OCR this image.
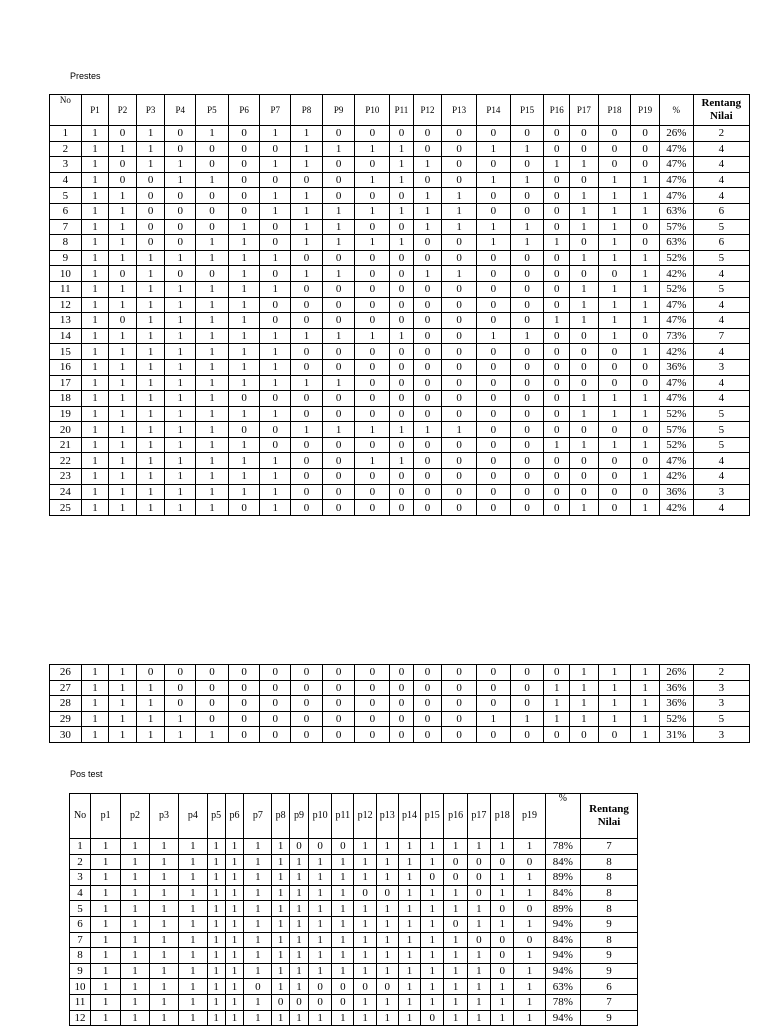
Prestes
No	P1	P2	P3	P4	P5	P6	P7	P8	P9	P10	P11	P12	P13	P14	P15	P16	P17	P18	P19	%	Rentang Nilai
1	1	0	1	0	1	0	1	1	0	0	0	0	0	0	0	0	0	0	0	26%	2
2	1	1	1	0	0	0	0	1	1	1	1	0	0	1	1	0	0	0	0	47%	4
3	1	0	1	1	0	0	1	1	0	0	1	1	0	0	0	1	1	0	0	47%	4
4	1	0	0	1	1	0	0	0	0	1	1	0	0	1	1	0	0	1	1	47%	4
5	1	1	0	0	0	0	1	1	0	0	0	1	1	0	0	0	1	1	1	47%	4
6	1	1	0	0	0	0	1	1	1	1	1	1	1	0	0	0	1	1	1	63%	6
7	1	1	0	0	0	1	0	1	1	0	0	1	1	1	1	0	1	1	0	57%	5
8	1	1	0	0	1	1	0	1	1	1	1	0	0	1	1	1	0	1	0	63%	6
9	1	1	1	1	1	1	1	0	0	0	0	0	0	0	0	0	1	1	1	52%	5
10	1	0	1	0	0	1	0	1	1	0	0	1	1	0	0	0	0	0	1	42%	4
11	1	1	1	1	1	1	1	0	0	0	0	0	0	0	0	0	1	1	1	52%	5
12	1	1	1	1	1	1	0	0	0	0	0	0	0	0	0	0	1	1	1	47%	4
13	1	0	1	1	1	1	0	0	0	0	0	0	0	0	0	1	1	1	1	47%	4
14	1	1	1	1	1	1	1	1	1	1	1	0	0	1	1	0	0	1	0	73%	7
15	1	1	1	1	1	1	1	0	0	0	0	0	0	0	0	0	0	0	1	42%	4
16	1	1	1	1	1	1	1	0	0	0	0	0	0	0	0	0	0	0	0	36%	3
17	1	1	1	1	1	1	1	1	1	0	0	0	0	0	0	0	0	0	0	47%	4
18	1	1	1	1	1	0	0	0	0	0	0	0	0	0	0	0	1	1	1	47%	4
19	1	1	1	1	1	1	1	0	0	0	0	0	0	0	0	0	1	1	1	52%	5
20	1	1	1	1	1	0	0	1	1	1	1	1	1	0	0	0	0	0	0	57%	5
21	1	1	1	1	1	1	0	0	0	0	0	0	0	0	0	1	1	1	1	52%	5
22	1	1	1	1	1	1	1	0	0	1	1	0	0	0	0	0	0	0	0	47%	4
23	1	1	1	1	1	1	1	0	0	0	0	0	0	0	0	0	0	0	1	42%	4
24	1	1	1	1	1	1	1	0	0	0	0	0	0	0	0	0	0	0	0	36%	3
25	1	1	1	1	1	0	1	0	0	0	0	0	0	0	0	0	1	0	1	42%	4
26	1	1	0	0	0	0	0	0	0	0	0	0	0	0	0	0	1	1	1	26%	2
27	1	1	1	0	0	0	0	0	0	0	0	0	0	0	0	1	1	1	1	36%	3
28	1	1	1	0	0	0	0	0	0	0	0	0	0	0	0	1	1	1	1	36%	3
29	1	1	1	1	0	0	0	0	0	0	0	0	0	1	1	1	1	1	1	52%	5
30	1	1	1	1	1	0	0	0	0	0	0	0	0	0	0	0	0	0	1	31%	3
Pos test
No	p1	p2	p3	p4	p5	p6	p7	p8	p9	p10	p11	p12	p13	p14	p15	p16	p17	p18	p19	%	Rentang Nilai
1	1	1	1	1	1	1	1	1	0	0	0	1	1	1	1	1	1	1	1	78%	7
2	1	1	1	1	1	1	1	1	1	1	1	1	1	1	1	0	0	0	0	84%	8
3	1	1	1	1	1	1	1	1	1	1	1	1	1	1	0	0	0	1	1	89%	8
4	1	1	1	1	1	1	1	1	1	1	1	0	0	1	1	1	0	1	1	84%	8
5	1	1	1	1	1	1	1	1	1	1	1	1	1	1	1	1	1	0	0	89%	8
6	1	1	1	1	1	1	1	1	1	1	1	1	1	1	1	0	1	1	1	94%	9
7	1	1	1	1	1	1	1	1	1	1	1	1	1	1	1	1	0	0	0	84%	8
8	1	1	1	1	1	1	1	1	1	1	1	1	1	1	1	1	1	0	1	94%	9
9	1	1	1	1	1	1	1	1	1	1	1	1	1	1	1	1	1	0	1	94%	9
10	1	1	1	1	1	1	0	1	1	0	0	0	0	1	1	1	1	1	1	63%	6
11	1	1	1	1	1	1	1	0	0	0	0	1	1	1	1	1	1	1	1	78%	7
12	1	1	1	1	1	1	1	1	1	1	1	1	1	1	0	1	1	1	1	94%	9
